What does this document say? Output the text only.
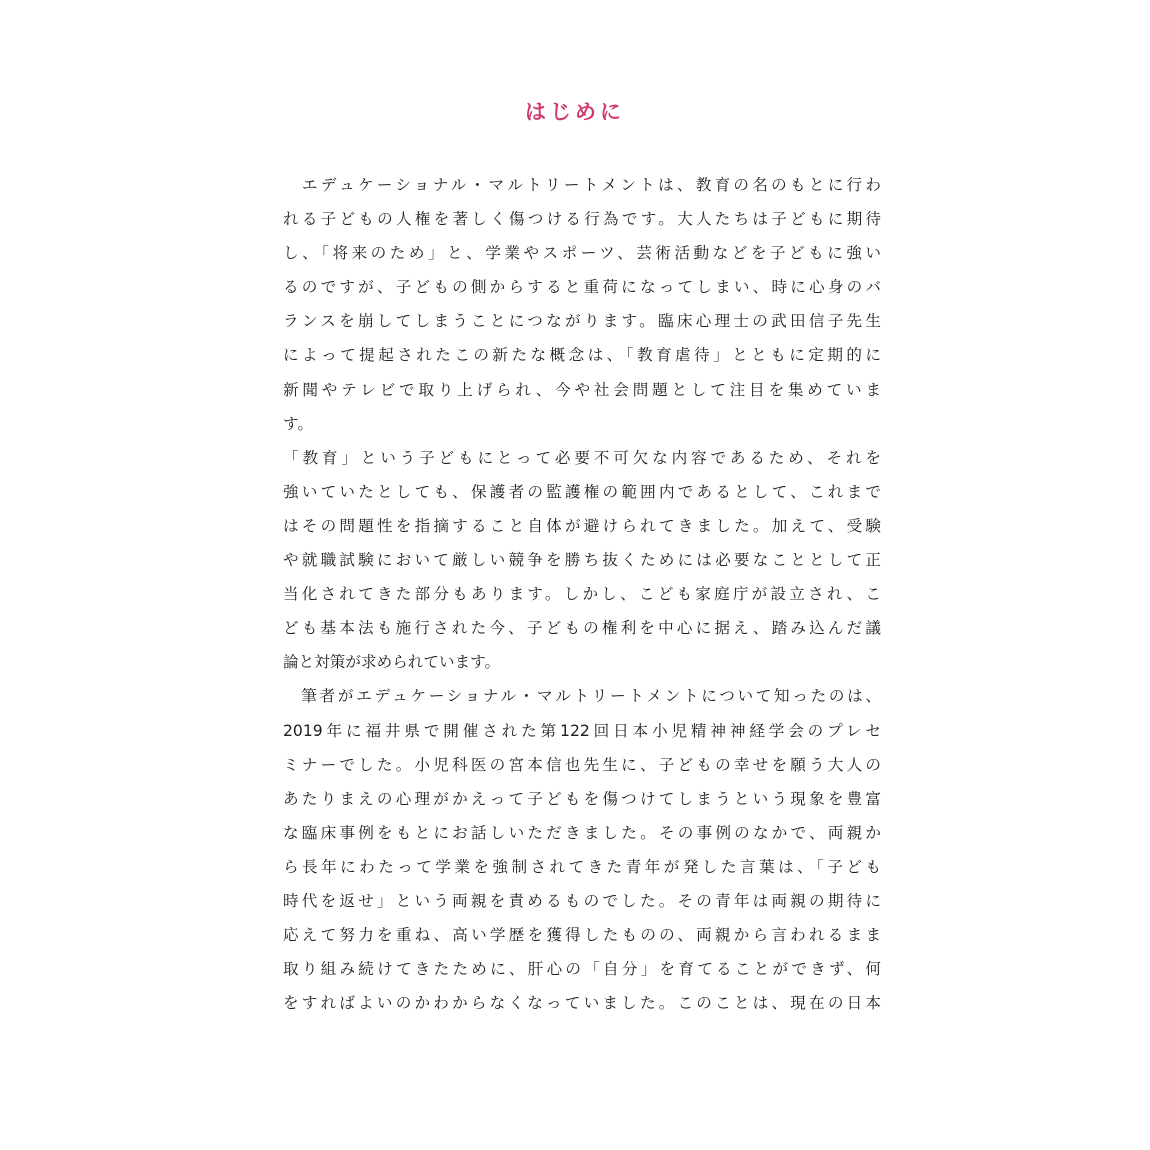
はじめに
　エデュケーショナル・マルトリートメントは、教育の名のもとに行わ
れる子どもの人権を著しく傷つける行為です。大人たちは子どもに期待
し、「将来のため」と、学業やスポーツ、芸術活動などを子どもに強い
るのですが、子どもの側からすると重荷になってしまい、時に心身のバ
ランスを崩してしまうことにつながります。臨床心理士の武田信子先生
によって提起されたこの新たな概念は、「教育虐待」とともに定期的に
新聞やテレビで取り上げられ、今や社会問題として注目を集めていま
す。
「教育」という子どもにとって必要不可欠な内容であるため、それを
強いていたとしても、保護者の監護権の範囲内であるとして、これまで
はその問題性を指摘すること自体が避けられてきました。加えて、受験
や就職試験において厳しい競争を勝ち抜くためには必要なこととして正
当化されてきた部分もあります。しかし、こども家庭庁が設立され、こ
ども基本法も施行された今、子どもの権利を中心に据え、踏み込んだ議
論と対策が求められています。
　筆者がエデュケーショナル・マルトリートメントについて知ったのは、
2019年に福井県で開催された第122回日本小児精神神経学会のプレセ
ミナーでした。小児科医の宮本信也先生に、子どもの幸せを願う大人の
あたりまえの心理がかえって子どもを傷つけてしまうという現象を豊富
な臨床事例をもとにお話しいただきました。その事例のなかで、両親か
ら長年にわたって学業を強制されてきた青年が発した言葉は、「子ども
時代を返せ」という両親を責めるものでした。その青年は両親の期待に
応えて努力を重ね、高い学歴を獲得したものの、両親から言われるまま
取り組み続けてきたために、肝心の「自分」を育てることができず、何
をすればよいのかわからなくなっていました。このことは、現在の日本
